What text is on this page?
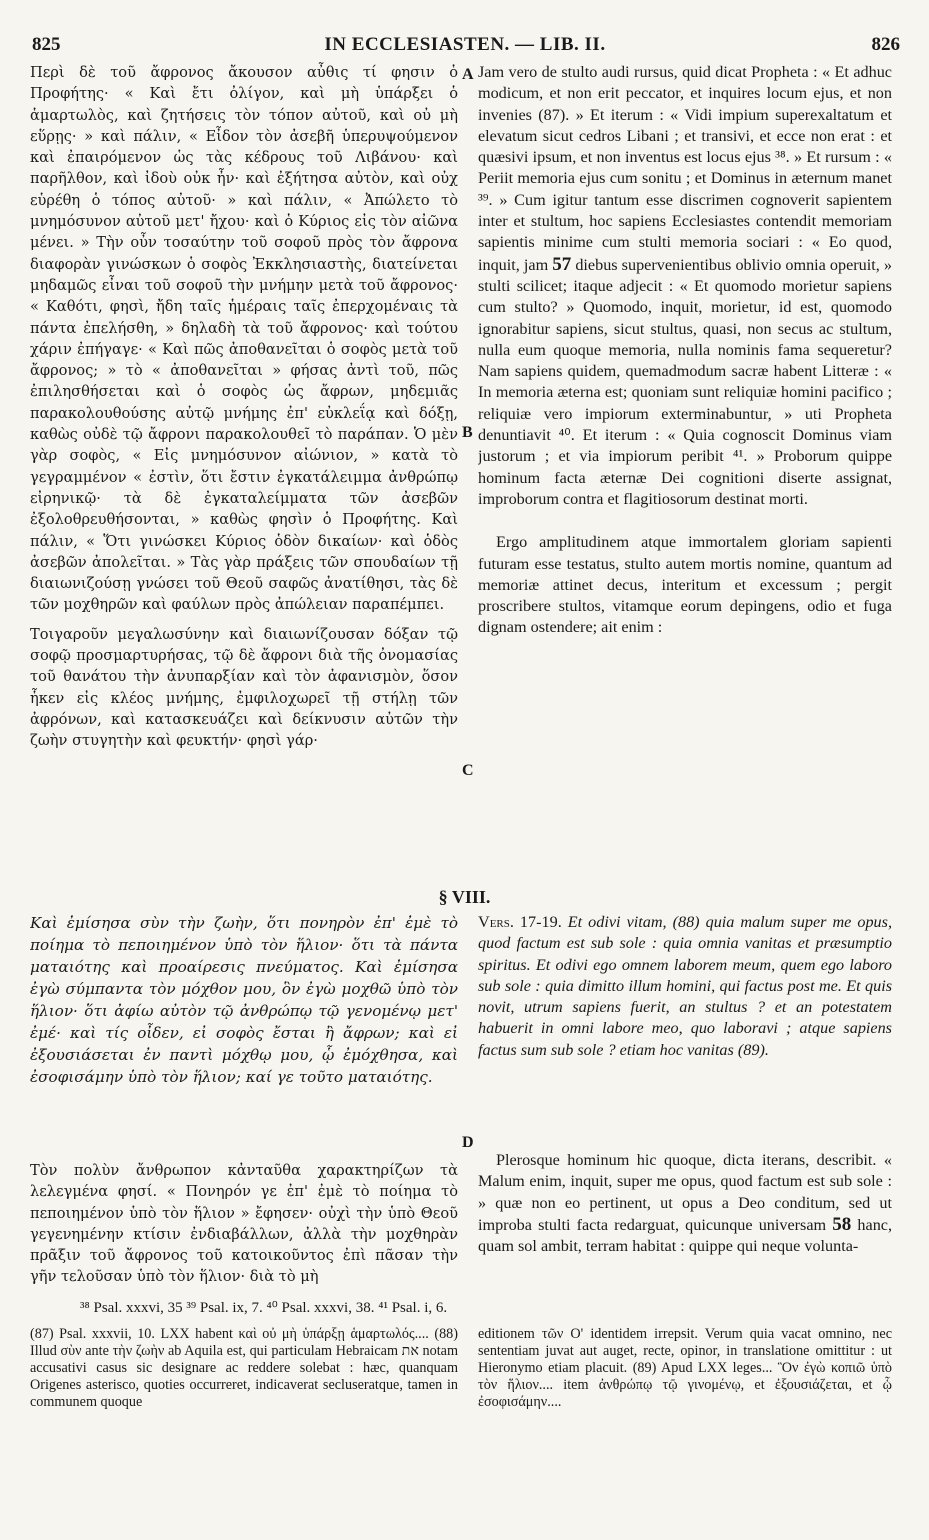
825	IN ECCLESIASTEN. — LIB. II.	826

Περὶ δὲ τοῦ ἄφρονος ἄκουσον αὖθις τί φησιν ὁ Προφήτης· « Καὶ ἔτι ὀλίγον, καὶ μὴ ὑπάρξει ὁ ἁμαρτωλὸς, καὶ ζητήσεις τὸν τόπον αὐτοῦ, καὶ οὐ μὴ εὕρῃς· » καὶ πάλιν, « Εἶδον τὸν ἀσεβῆ ὑπερυψούμενον καὶ ἐπαιρόμενον ὡς τὰς κέδρους τοῦ Λιβάνου· καὶ παρῆλθον, καὶ ἰδοὺ οὐκ ἦν· καὶ ἐξήτησα αὐτὸν, καὶ οὐχ εὑρέθη ὁ τόπος αὐτοῦ· » καὶ πάλιν, « Ἀπώλετο τὸ μνημόσυνον αὐτοῦ μετ' ἤχου· καὶ ὁ Κύριος εἰς τὸν αἰῶνα μένει. » Τὴν οὖν τοσαύτην τοῦ σοφοῦ πρὸς τὸν ἄφρονα διαφορὰν γινώσκων ὁ σοφὸς Ἐκκλησιαστὴς, διατείνεται μηδαμῶς εἶναι τοῦ σοφοῦ τὴν μνήμην μετὰ τοῦ ἄφρονος· « Καθότι, φησὶ, ἤδη ταῖς ἡμέραις ταῖς ἐπερχομέναις τὰ πάντα ἐπελήσθη, » δηλαδὴ τὰ τοῦ ἄφρονος· καὶ τούτου χάριν ἐπήγαγε· « Καὶ πῶς ἀποθανεῖται ὁ σοφὸς μετὰ τοῦ ἄφρονος; » τὸ « ἀποθανεῖται » φήσας ἀντὶ τοῦ, πῶς ἐπιλησθήσεται καὶ ὁ σοφὸς ὡς ἄφρων, μηδεμιᾶς παρακολουθούσης αὐτῷ μνήμης ἐπ' εὐκλεΐᾳ καὶ δόξῃ, καθὼς οὐδὲ τῷ ἄφρονι παρακολουθεῖ τὸ παράπαν. Ὁ μὲν γὰρ σοφὸς, « Εἰς μνημόσυνον αἰώνιον, » κατὰ τὸ γεγραμμένον « ἐστὶν, ὅτι ἔστιν ἐγκατάλειμμα ἀνθρώπῳ εἰρηνικῷ· τὰ δὲ ἐγκαταλείμματα τῶν ἀσεβῶν ἐξολοθρευθήσονται, » καθὼς φησὶν ὁ Προφήτης. Καὶ πάλιν, « Ὅτι γινώσκει Κύριος ὁδὸν δικαίων· καὶ ὁδὸς ἀσεβῶν ἀπολεῖται. » Τὰς γὰρ πράξεις τῶν σπουδαίων τῇ διαιωνιζούσῃ γνώσει τοῦ Θεοῦ σαφῶς ἀνατίθησι, τὰς δὲ τῶν μοχθηρῶν καὶ φαύλων πρὸς ἀπώλειαν παραπέμπει.

Τοιγαροῦν μεγαλωσύνην καὶ διαιωνίζουσαν δόξαν τῷ σοφῷ προσμαρτυρήσας, τῷ δὲ ἄφρονι διὰ τῆς ὀνομασίας τοῦ θανάτου τὴν ἀνυπαρξίαν καὶ τὸν ἀφανισμὸν, ὅσον ἧκεν εἰς κλέος μνήμης, ἐμφιλοχωρεῖ τῇ στήλῃ τῶν ἀφρόνων, καὶ κατασκευάζει καὶ δείκνυσιν αὐτῶν τὴν ζωὴν στυγητὴν καὶ φευκτήν· φησὶ γάρ·

Jam vero de stulto audi rursus, quid dicat Propheta : « Et adhuc modicum, et non erit peccator, et inquires locum ejus, et non invenies (87). » Et iterum : « Vidi impium superexaltatum et elevatum sicut cedros Libani ; et transivi, et ecce non erat : et quæsivi ipsum, et non inventus est locus ejus ³⁸. » Et rursum : « Periit memoria ejus cum sonitu ; et Dominus in æternum manet ³⁹. » Cum igitur tantum esse discrimen cognoverit sapientem inter et stultum, hoc sapiens Ecclesiastes contendit memoriam sapientis minime cum stulti memoria sociari : « Eo quod, inquit, jam 57 diebus supervenientibus oblivio omnia operuit, » stulti scilicet; itaque adjecit : « Et quomodo morietur sapiens cum stulto? » Quomodo, inquit, morietur, id est, quomodo ignorabitur sapiens, sicut stultus, quasi, non secus ac stultum, nulla eum quoque memoria, nulla nominis fama sequeretur? Nam sapiens quidem, quemadmodum sacræ habent Litteræ : « In memoria æterna est; quoniam sunt reliquiæ homini pacifico ; reliquiæ vero impiorum exterminabuntur, » uti Propheta denuntiavit ⁴⁰. Et iterum : « Quia cognoscit Dominus viam justorum ; et via impiorum peribit ⁴¹. » Proborum quippe hominum facta æternæ Dei cognitioni diserte assignat, improborum contra et flagitiosorum destinat morti.

Ergo amplitudinem atque immortalem gloriam sapienti futuram esse testatus, stulto autem mortis nomine, quantum ad memoriæ attinet decus, interitum et excessum ; pergit proscribere stultos, vitamque eorum depingens, odio et fuga dignam ostendere; ait enim :

A
B
C
D
§ VIII.
Καὶ ἐμίσησα σὺν τὴν ζωὴν, ὅτι πονηρὸν ἐπ' ἐμὲ τὸ ποίημα τὸ πεποιημένον ὑπὸ τὸν ἥλιον· ὅτι τὰ πάντα ματαιότης καὶ προαίρεσις πνεύματος. Καὶ ἐμίσησα ἐγὼ σύμπαντα τὸν μόχθον μου, ὃν ἐγὼ μοχθῶ ὑπὸ τὸν ἥλιον· ὅτι ἀφίω αὐτὸν τῷ ἀνθρώπῳ τῷ γενομένῳ μετ' ἐμέ· καὶ τίς οἶδεν, εἰ σοφὸς ἔσται ἢ ἄφρων; καὶ εἰ ἐξουσιάσεται ἐν παντὶ μόχθῳ μου, ᾧ ἐμόχθησα, καὶ ἐσοφισάμην ὑπὸ τὸν ἥλιον; καί γε τοῦτο ματαιότης.
Τὸν πολὺν ἄνθρωπον κἀνταῦθα χαρακτηρίζων τὰ λελεγμένα φησί. « Πονηρόν γε ἐπ' ἐμὲ τὸ ποίημα τὸ πεποιημένον ὑπὸ τὸν ἥλιον » ἔφησεν· οὐχὶ τὴν ὑπὸ Θεοῦ γεγενημένην κτίσιν ἐνδιαβάλλων, ἀλλὰ τὴν μοχθηρὰν πρᾶξιν τοῦ ἄφρονος τοῦ κατοικοῦντος ἐπὶ πᾶσαν τὴν γῆν τελοῦσαν ὑπὸ τὸν ἥλιον· διὰ τὸ μὴ
Vers. 17-19. Et odivi vitam, (88) quia malum super me opus, quod factum est sub sole : quia omnia vanitas et præsumptio spiritus. Et odivi ego omnem laborem meum, quem ego laboro sub sole : quia dimitto illum homini, qui factus post me. Et quis novit, utrum sapiens fuerit, an stultus ? et an potestatem habuerit in omni labore meo, quo laboravi ; atque sapiens factus sum sub sole ? etiam hoc vanitas (89).

Plerosque hominum hic quoque, dicta iterans, describit. « Malum enim, inquit, super me opus, quod factum est sub sole : » quæ non eo pertinent, ut opus a Deo conditum, sed ut improba stulti facta redarguat, quicunque universam 58 hanc, quam sol ambit, terram habitat : quippe qui neque volunta-

³⁸ Psal. xxxvi, 35 ³⁹ Psal. ix, 7. ⁴⁰ Psal. xxxvi, 38. ⁴¹ Psal. i, 6.
(87) Psal. xxxvii, 10. LXX habent καὶ οὐ μὴ ὑπάρξῃ ἁμαρτωλός.... (88) Illud σὺν ante τὴν ζωὴν ab Aquila est, qui particulam Hebraicam את notam accusativi casus sic designare ac reddere solebat : hæc, quanquam Origenes asterisco, quoties occurreret, indicaverat secluseratque, tamen in communem quoque
editionem τῶν Ο' identidem irrepsit. Verum quia vacat omnino, nec sententiam juvat aut auget, recte, opinor, in translatione omittitur : ut Hieronymo etiam placuit. (89) Apud LXX leges... Ὃν ἐγὼ κοπιῶ ὑπὸ τὸν ἥλιον.... item ἀνθρώπῳ τῷ γινομένῳ, et ἐξουσιάζεται, et ᾧ ἐσοφισάμην....
